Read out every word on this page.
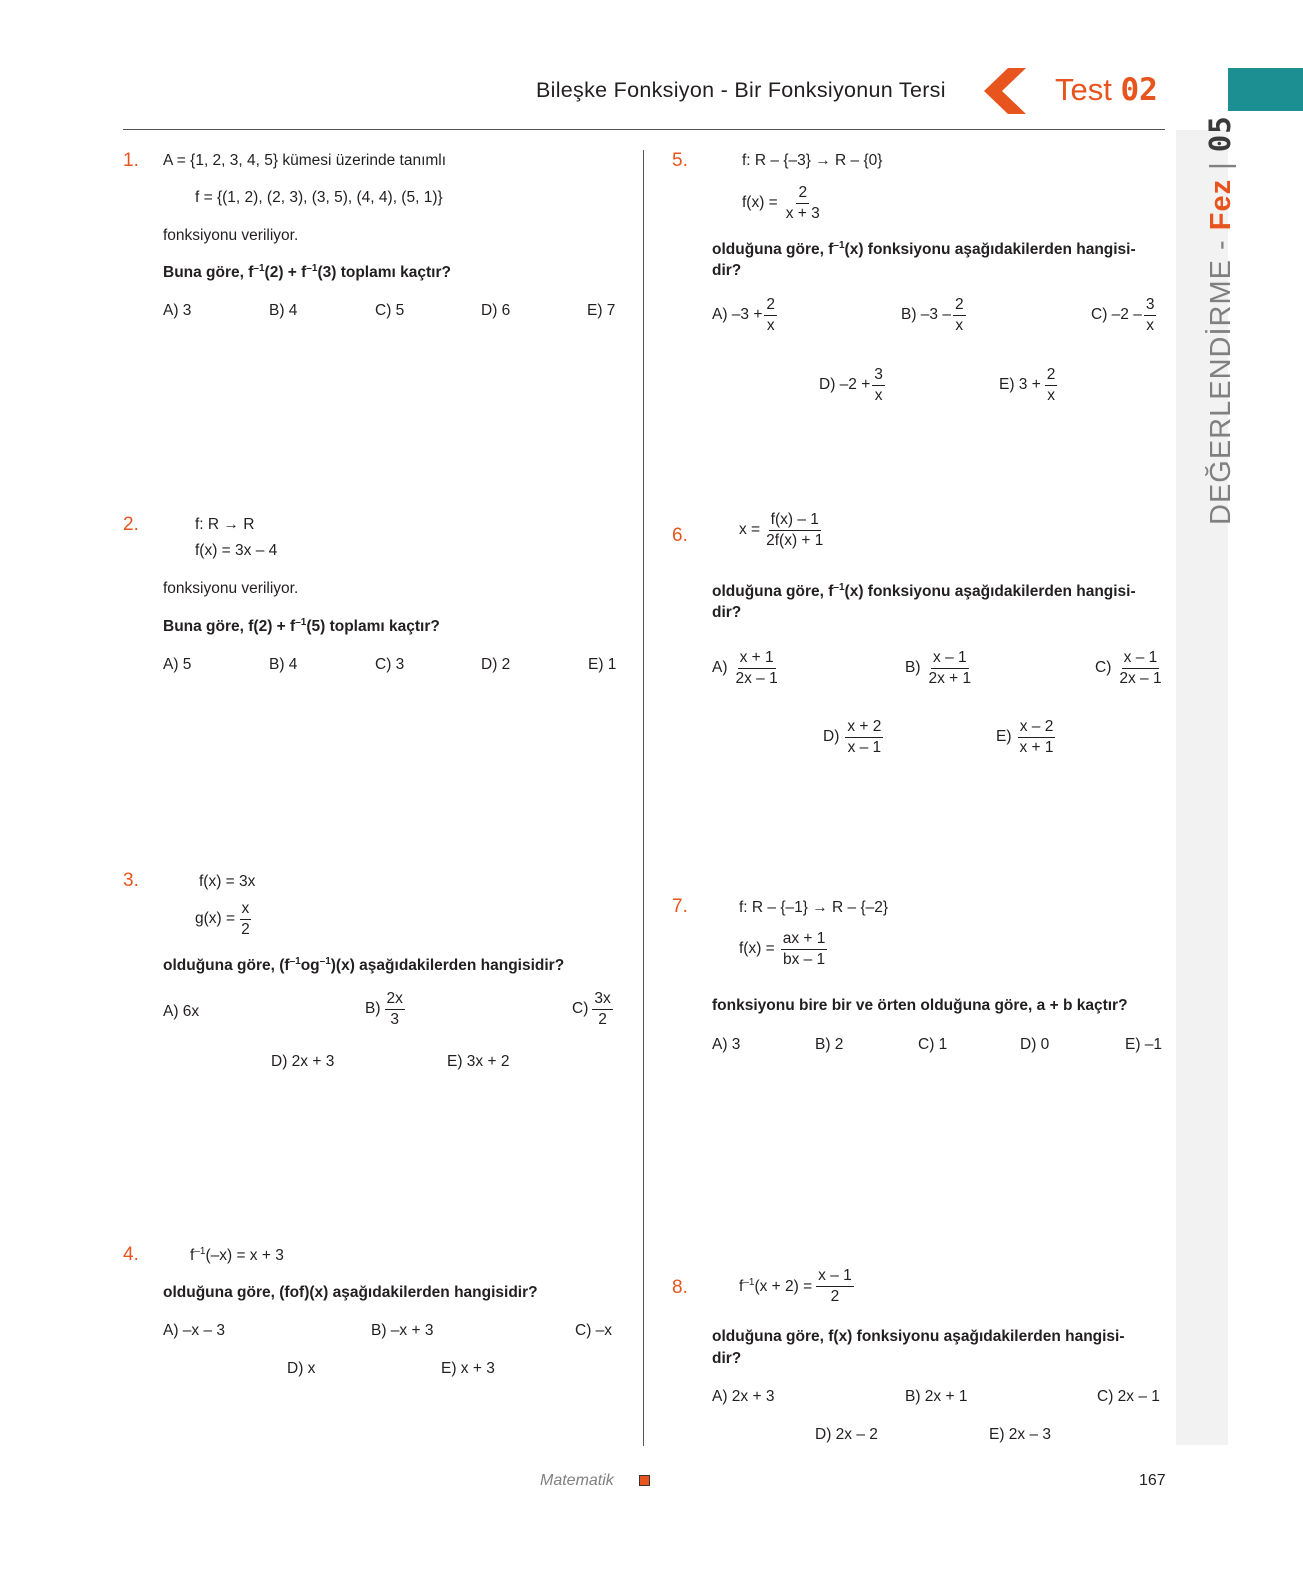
Bileşke Fonksiyon - Bir Fonksiyonun Tersi	Test 02
DEĞERLENDİRME - Fez | 05
1. A = {1, 2, 3, 4, 5} kümesi üzerinde tanımlı
f = {(1, 2), (2, 3), (3, 5), (4, 4), (5, 1)}
fonksiyonu veriliyor.
Buna göre, $f^{-1}(2) + f^{-1}(3)$ toplamı kaçtır?
A) 3	B) 4	C) 5	D) 6	E) 7
2.	f: R → R
f(x) = 3x – 4
fonksiyonu veriliyor.
Buna göre, $f(2) + f^{-1}(5)$ toplamı kaçtır?
A) 5	B) 4	C) 3	D) 2	E) 1
3.	f(x) = 3x
$g(x) = \frac{x}{2}$
olduğuna göre, $(f^{-1}og^{-1})(x)$ aşağıdakilerden hangisidir?
A) 6x	B)
2x
3
C)
3x
2
D) 2x + 3	E) 3x + 2
4.	$f^{-1}(-x) = x + 3$
olduğuna göre, (fof)(x) aşağıdakilerden hangisidir?
A) –x – 3	B) –x + 3	C) –x
D) x	E) x + 3
5.	f: R – {–3} → R – {0}
$f(x) = \frac{2}{x + 3}$
olduğuna göre, $f^{-1}(x)$ fonksiyonu aşağıdakilerden hangisi-
dir?
A) $-3 + \frac{2}{x}$	B) –3 –
2
x
C) –2 –
3
x
D) $-2 + \frac{3}{x}$	E) $3 + \frac{2}{x}$
6.	$x = \frac{f(x) - 1}{2f(x) + 1}$
olduğuna göre, $f^{-1}(x)$ fonksiyonu aşağıdakilerden hangisi-
dir?
A)
x + 1
2x – 1
B)
x – 1
2x + 1
C)
x – 1
2x – 1
D)
x + 2
x – 1
E)
x – 2
x + 1
7.	f: R – {–1} → R – {–2}
$f(x) = \frac{ax + 1}{bx - 1}$
fonksiyonu bire bir ve örten olduğuna göre, a + b kaçtır?
A) 3	B) 2	C) 1	D) 0	E) –1
8.	$f^{-1}(x + 2) = \frac{x - 1}{2}$
olduğuna göre, f(x) fonksiyonu aşağıdakilerden hangisi-
dir?
A) 2x + 3	B) 2x + 1	C) 2x – 1
D) 2x – 2	E) 2x – 3
Matematik	167
